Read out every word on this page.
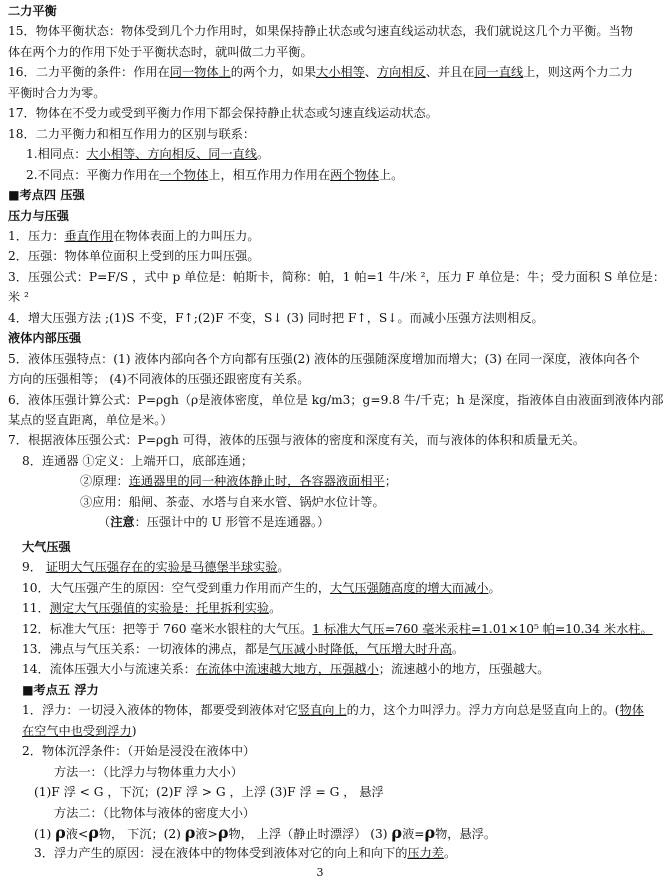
二力平衡
15．物体平衡状态：物体受到几个力作用时，如果保持静止状态或匀速直线运动状态，我们就说这几个力平衡。当物
体在两个力的作用下处于平衡状态时，就叫做二力平衡。
16．二力平衡的条件：作用在同一物体上的两个力，如果大小相等、方向相反、并且在同一直线上，则这两个力二力
平衡时合力为零。
17．物体在不受力或受到平衡力作用下都会保持静止状态或匀速直线运动状态。
18．二力平衡力和相互作用力的区别与联系：
1.相同点：大小相等、方向相反、同一直线。
2.不同点：平衡力作用在一个物体上，相互作用力作用在两个物体上。
■考点四 压强
压力与压强
1．压力：垂直作用在物体表面上的力叫压力。
2．压强：物体单位面积上受到的压力叫压强。
3．压强公式：P=F/S ，式中 p 单位是：帕斯卡，简称：帕，1 帕=1 牛/米 ²，压力 F 单位是：牛；受力面积 S 单位是：
米 ²
4．增大压强方法 ;(1)S 不变，F↑;(2)F 不变，S↓ (3) 同时把 F↑，S↓。而减小压强方法则相反。
液体内部压强
5．液体压强特点：(1) 液体内部向各个方向都有压强(2) 液体的压强随深度增加而增大；(3) 在同一深度，液体向各个
方向的压强相等； (4)不同液体的压强还跟密度有关系。
6．液体压强计算公式：P=ρgh（ρ是液体密度，单位是 kg/m3；g=9.8 牛/千克；h 是深度，指液体自由液面到液体内部
某点的竖直距离，单位是米。）
7．根据液体压强公式：P=ρgh 可得，液体的压强与液体的密度和深度有关，而与液体的体积和质量无关。
8．连通器 ①定义：上端开口，底部连通；
②原理：连通器里的同一种液体静止时，各容器液面相平；
③应用：船闸、茶壶、水塔与自来水管、锅炉水位计等。
（注意：压强计中的 U 形管不是连通器。）
大气压强
9． 证明大气压强存在的实验是马德堡半球实验。
10．大气压强产生的原因：空气受到重力作用而产生的，大气压强随高度的增大而减小。
11．测定大气压强值的实验是：托里拆利实验。
12．标准大气压：把等于 760 毫米水银柱的大气压。1 标准大气压=760 毫米汞柱=1.01×10⁵ 帕=10.34 米水柱。
13．沸点与气压关系：一切液体的沸点，都是气压减小时降低，气压增大时升高。
14．流体压强大小与流速关系：在流体中流速越大地方，压强越小；流速越小的地方，压强越大。
■考点五 浮力
1．浮力：一切浸入液体的物体，都要受到液体对它竖直向上的力，这个力叫浮力。浮力方向总是竖直向上的。(物体
在空气中也受到浮力)
2．物体沉浮条件：（开始是浸没在液体中）
方法一：（比浮力与物体重力大小）
(1)F 浮 < G ，下沉；(2)F 浮 > G ，上浮 (3)F 浮 = G ， 悬浮
方法二：（比物体与液体的密度大小）
(1) ρ液<ρ物， 下沉；(2) ρ液>ρ物， 上浮（静止时漂浮） (3) ρ液=ρ物，悬浮。
3．浮力产生的原因：浸在液体中的物体受到液体对它的向上和向下的压力差。
3
